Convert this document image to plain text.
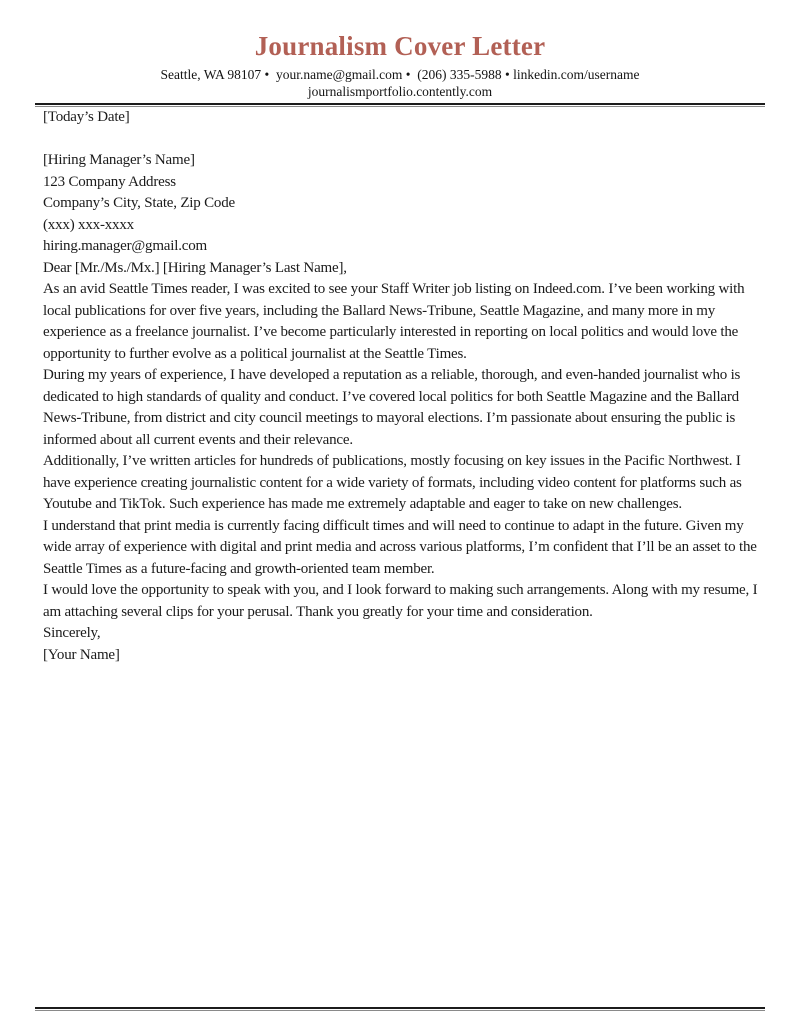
Journalism Cover Letter
Seattle, WA 98107 •  your.name@gmail.com •  (206) 335-5988 • linkedin.com/username
journalismportfolio.contently.com

[Today’s Date]

[Hiring Manager’s Name]

123 Company Address

Company’s City, State, Zip Code

(xxx) xxx-xxxx

hiring.manager@gmail.com

Dear [Mr./Ms./Mx.] [Hiring Manager’s Last Name],

As an avid Seattle Times reader, I was excited to see your Staff Writer job listing on Indeed.com. I’ve been working with local publications for over five years, including the Ballard News-Tribune, Seattle Magazine, and many more in my experience as a freelance journalist. I’ve become particularly interested in reporting on local politics and would love the opportunity to further evolve as a political journalist at the Seattle Times.

During my years of experience, I have developed a reputation as a reliable, thorough, and even-handed journalist who is dedicated to high standards of quality and conduct. I’ve covered local politics for both Seattle Magazine and the Ballard News-Tribune, from district and city council meetings to mayoral elections. I’m passionate about ensuring the public is informed about all current events and their relevance.

Additionally, I’ve written articles for hundreds of publications, mostly focusing on key issues in the Pacific Northwest. I have experience creating journalistic content for a wide variety of formats, including video content for platforms such as Youtube and TikTok. Such experience has made me extremely adaptable and eager to take on new challenges.

I understand that print media is currently facing difficult times and will need to continue to adapt in the future. Given my wide array of experience with digital and print media and across various platforms, I’m confident that I’ll be an asset to the Seattle Times as a future-facing and growth-oriented team member.

I would love the opportunity to speak with you, and I look forward to making such arrangements. Along with my resume, I am attaching several clips for your perusal. Thank you greatly for your time and consideration.

Sincerely,

[Your Name]
